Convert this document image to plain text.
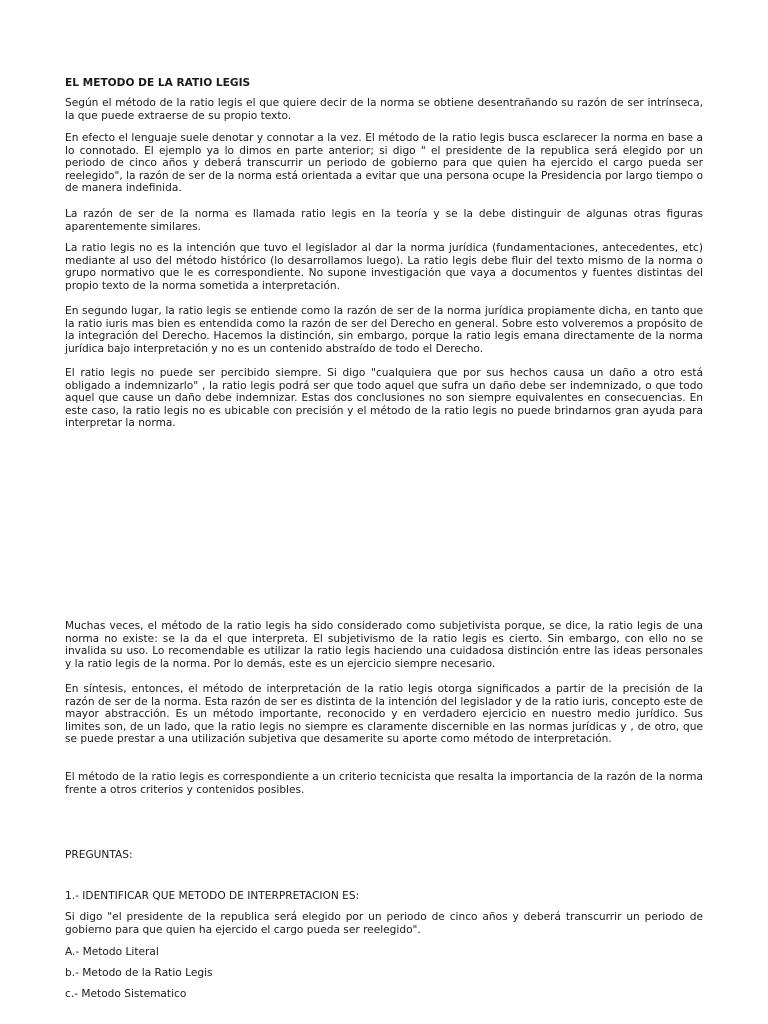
EL METODO DE LA RATIO LEGIS

Según el método de la ratio legis el que quiere decir de la norma se obtiene desentrañando su razón de ser intrínseca, la que puede extraerse de su propio texto.

En efecto el lenguaje suele denotar y connotar a la vez. El método de la ratio legis busca esclarecer la norma en base a lo connotado. El ejemplo ya lo dimos en parte anterior; si digo " el presidente de la republica será elegido por un periodo de cinco años y deberá transcurrir un periodo de gobierno para que quien ha ejercido el cargo pueda ser reelegido", la razón de ser de la norma está orientada a evitar que una persona ocupe la Presidencia por largo tiempo o de manera indefinida.

La razón de ser de la norma es llamada ratio legis en la teoría y se la debe distinguir de algunas otras figuras aparentemente similares.

La ratio legis no es la intención que tuvo el legislador al dar la norma jurídica (fundamentaciones, antecedentes, etc) mediante al uso del método histórico (lo desarrollamos luego). La ratio legis debe fluir del texto mismo de la norma o grupo normativo que le es correspondiente. No supone investigación que vaya a documentos y fuentes distintas del propio texto de la norma sometida a interpretación.

En segundo lugar, la ratio legis se entiende como la razón de ser de la norma jurídica propiamente dicha, en tanto que la ratio iuris mas bien es entendida como la razón de ser del Derecho en general. Sobre esto volveremos a propósito de la integración del Derecho. Hacemos la distinción, sin embargo, porque la ratio legis emana directamente de la norma jurídica bajo interpretación y no es un contenido abstraído de todo el Derecho.

El ratio legis no puede ser percibido siempre. Si digo "cualquiera que por sus hechos causa un daño a otro está obligado a indemnizarlo" , la ratio legis podrá ser que todo aquel que sufra un daño debe ser indemnizado, o que todo aquel que cause un daño debe indemnizar. Estas dos conclusiones no son siempre equivalentes en consecuencias. En este caso, la ratio legis no es ubicable con precisión y el método de la ratio legis no puede brindarnos gran ayuda para interpretar la norma.

Muchas veces, el método de la ratio legis ha sido considerado como subjetivista porque, se dice, la ratio legis de una norma no existe: se la da el que interpreta. El subjetivismo de la ratio legis es cierto. Sin embargo, con ello no se invalida su uso. Lo recomendable es utilizar la ratio legis haciendo una cuidadosa distinción entre las ideas personales y la ratio legis de la norma. Por lo demás, este es un ejercicio siempre necesario.

En síntesis, entonces, el método de interpretación de la ratio legis otorga significados a partir de la precisión de la razón de ser de la norma. Esta razón de ser es distinta de la intención del legislador y de la ratio iuris, concepto este de mayor abstracción. Es un método importante, reconocido y en verdadero ejercicio en nuestro medio jurídico. Sus limites son, de un lado, que la ratio legis no siempre es claramente discernible en las normas jurídicas y , de otro, que se puede prestar a una utilización subjetiva que desamerite su aporte como método de interpretación.

El método de la ratio legis es correspondiente a un criterio tecnicista que resalta la importancia de la razón de la norma frente a otros criterios y contenidos posibles.

PREGUNTAS:

1.- IDENTIFICAR QUE METODO DE INTERPRETACION ES:

Si digo "el presidente de la republica será elegido por un periodo de cinco años y deberá transcurrir un periodo de gobierno para que quien ha ejercido el cargo pueda ser reelegido".

A.- Metodo Literal

b.- Metodo de la Ratio Legis

c.- Metodo Sistematico
